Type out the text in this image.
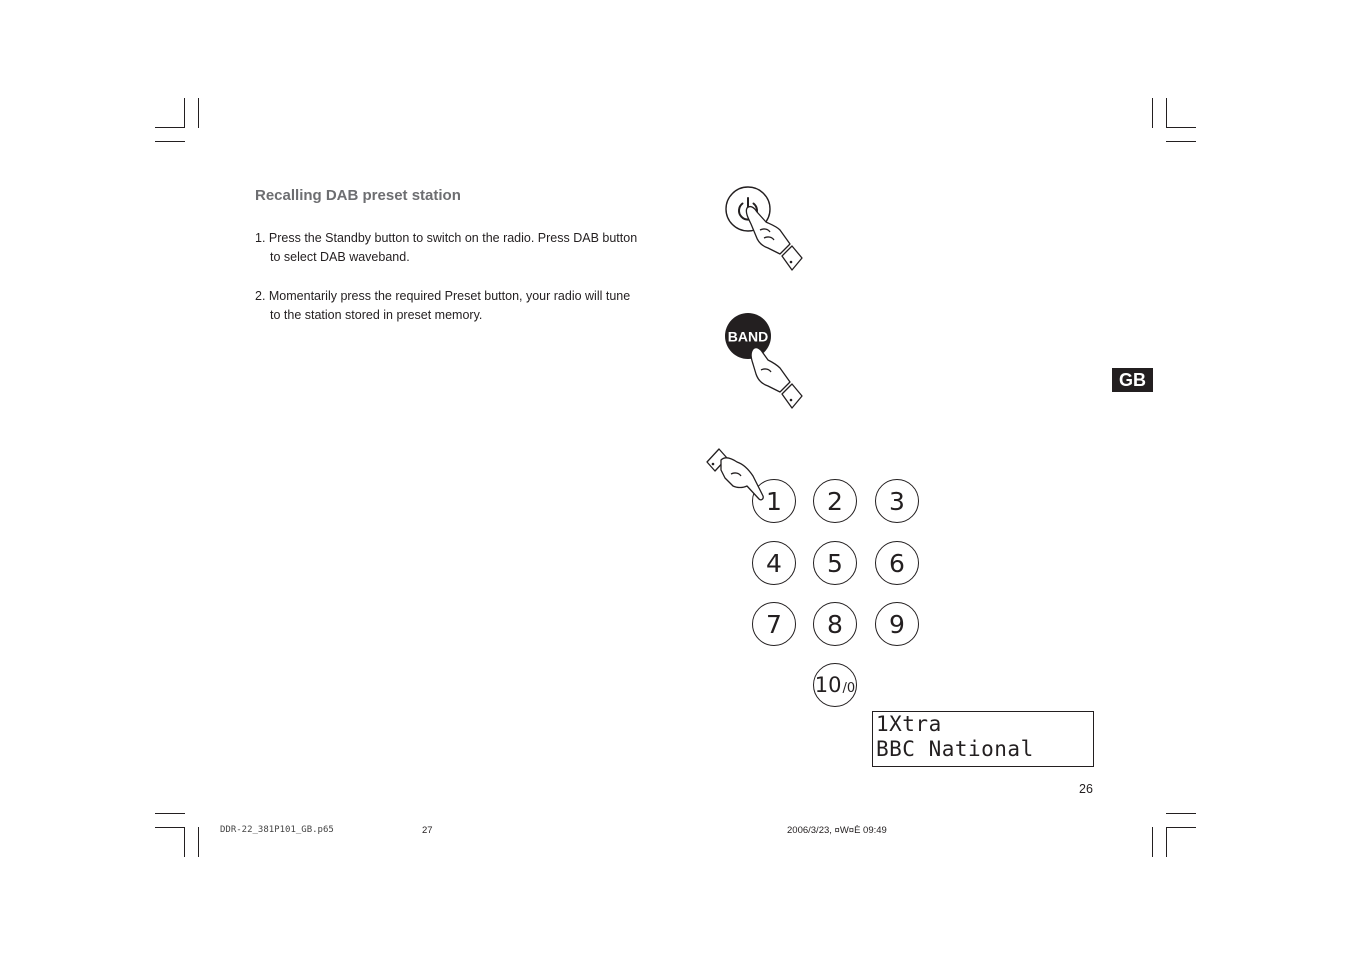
Recalling DAB preset station
1. Press the Standby button to switch on the radio. Press DAB button
to select DAB waveband.
2. Momentarily press the required Preset button, your radio will tune
to the station stored in preset memory.
BAND
GB
1	2	3
4	5	6
7	8	9
10 /0
1Xtra
BBC National
26
DDR-22_381P101_GB.p65	27	2006/3/23, ¤W¤È 09:49
